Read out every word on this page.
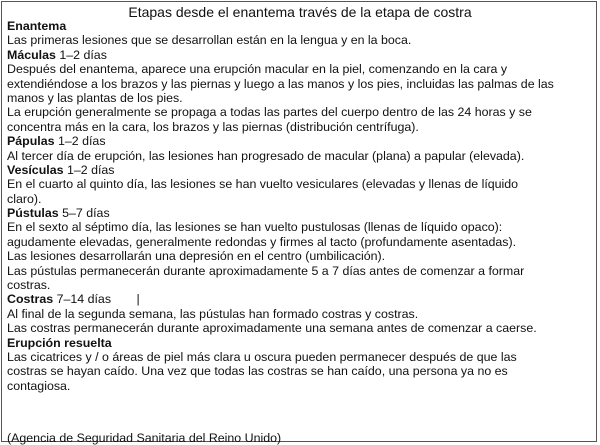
Etapas desde el enantema través de la etapa de costra
Enantema
Las primeras lesiones que se desarrollan están en la lengua y en la boca.
Máculas 1–2 días
Después del enantema, aparece una erupción macular en la piel, comenzando en la cara y
extendiéndose a los brazos y las piernas y luego a las manos y los pies, incluidas las palmas de las
manos y las plantas de los pies.
La erupción generalmente se propaga a todas las partes del cuerpo dentro de las 24 horas y se
concentra más en la cara, los brazos y las piernas (distribución centrífuga).
Pápulas 1–2 días
Al tercer día de erupción, las lesiones han progresado de macular (plana) a papular (elevada).
Vesículas 1–2 días
En el cuarto al quinto día, las lesiones se han vuelto vesiculares (elevadas y llenas de líquido
claro).
Pústulas 5–7 días
En el sexto al séptimo día, las lesiones se han vuelto pustulosas (llenas de líquido opaco):
agudamente elevadas, generalmente redondas y firmes al tacto (profundamente asentadas).
Las lesiones desarrollarán una depresión en el centro (umbilicación).
Las pústulas permanecerán durante aproximadamente 5 a 7 días antes de comenzar a formar
costras.
Costras 7–14 días |
Al final de la segunda semana, las pústulas han formado costras y costras.
Las costras permanecerán durante aproximadamente una semana antes de comenzar a caerse.
Erupción resuelta
Las cicatrices y / o áreas de piel más clara u oscura pueden permanecer después de que las
costras se hayan caído. Una vez que todas las costras se han caído, una persona ya no es
contagiosa.
(Agencia de Seguridad Sanitaria del Reino Unido)
